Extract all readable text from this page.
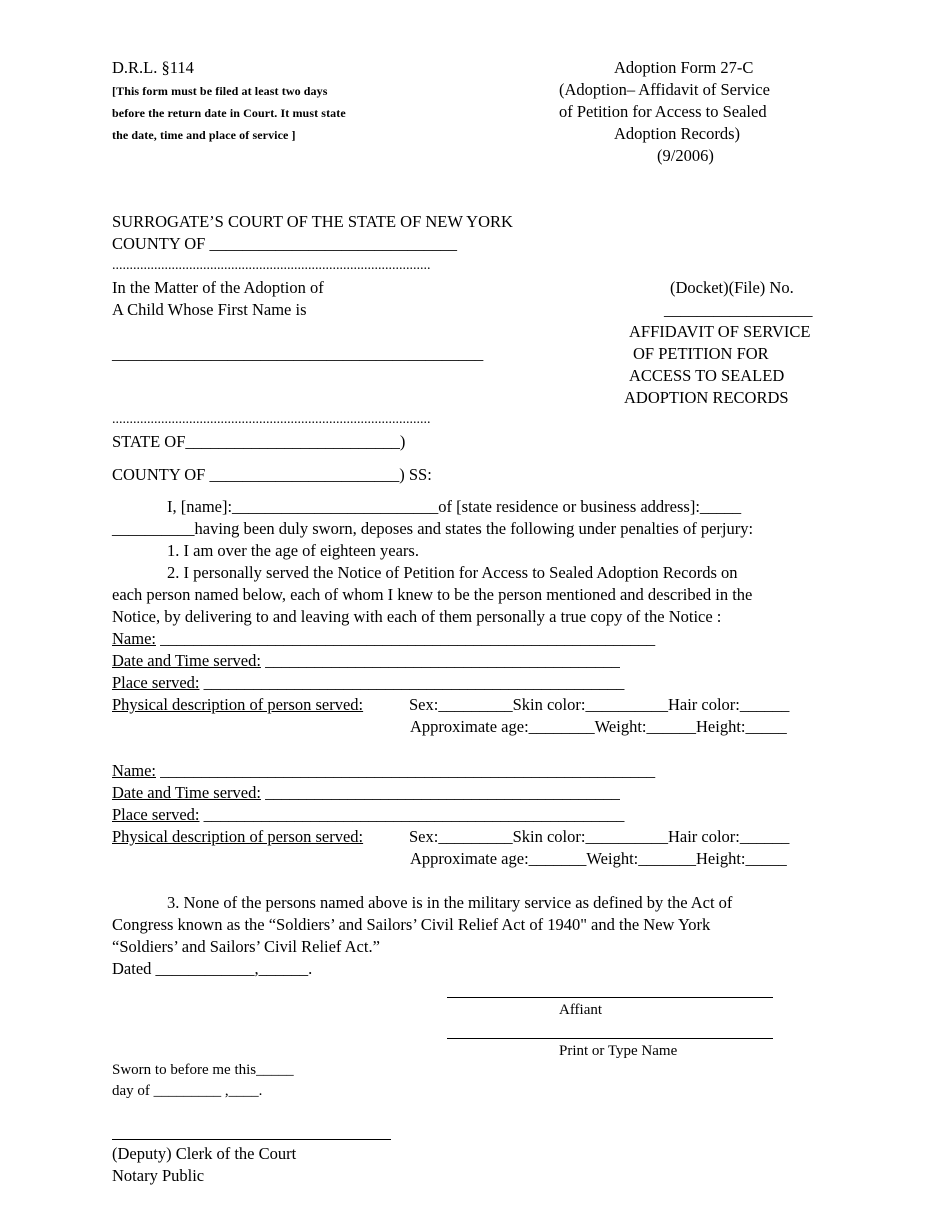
D.R.L. §114
[This form must be filed at least two days
before the return date in Court. It must state
the date, time and place of service ]
Adoption Form 27-C
(Adoption– Affidavit of Service
of Petition for Access to Sealed
Adoption Records)
(9/2006)
SURROGATE’S COURT OF THE STATE OF NEW YORK
COUNTY OF ______________________________
...........................................................................................
In the Matter of the Adoption of
A Child Whose First Name is
_____________________________________________
(Docket)(File) No.
__________________
AFFIDAVIT OF SERVICE
OF PETITION FOR
ACCESS TO SEALED
ADOPTION RECORDS
...........................................................................................
STATE OF__________________________)
COUNTY OF _______________________) SS:
I, [name]:_________________________of [state residence or business address]:_____
__________having been duly sworn, deposes and states the following under penalties of perjury:
1. I am over the age of eighteen years.
2. I personally served the Notice of Petition for Access to Sealed Adoption Records on
each person named below, each of whom I knew to be the person mentioned and described in the
Notice, by delivering to and leaving with each of them personally a true copy of the Notice :
Name: ____________________________________________________________
Date and Time served: ___________________________________________
Place served: ___________________________________________________
Physical description of person served:	Sex:_________Skin color:__________Hair color:______
Approximate age:________Weight:______Height:_____
Name: ____________________________________________________________
Date and Time served: ___________________________________________
Place served: ___________________________________________________
Physical description of person served:	Sex:_________Skin color:__________Hair color:______
Approximate age:_______Weight:_______Height:_____
3. None of the persons named above is in the military service as defined by the Act of
Congress known as the “Soldiers’ and Sailors’ Civil Relief Act of 1940" and the New York
“Soldiers’ and Sailors’ Civil Relief Act.”
Dated ____________,______.
Affiant
Print or Type Name
Sworn to before me this_____
day of _________ ,____.
(Deputy) Clerk of the Court
Notary Public
